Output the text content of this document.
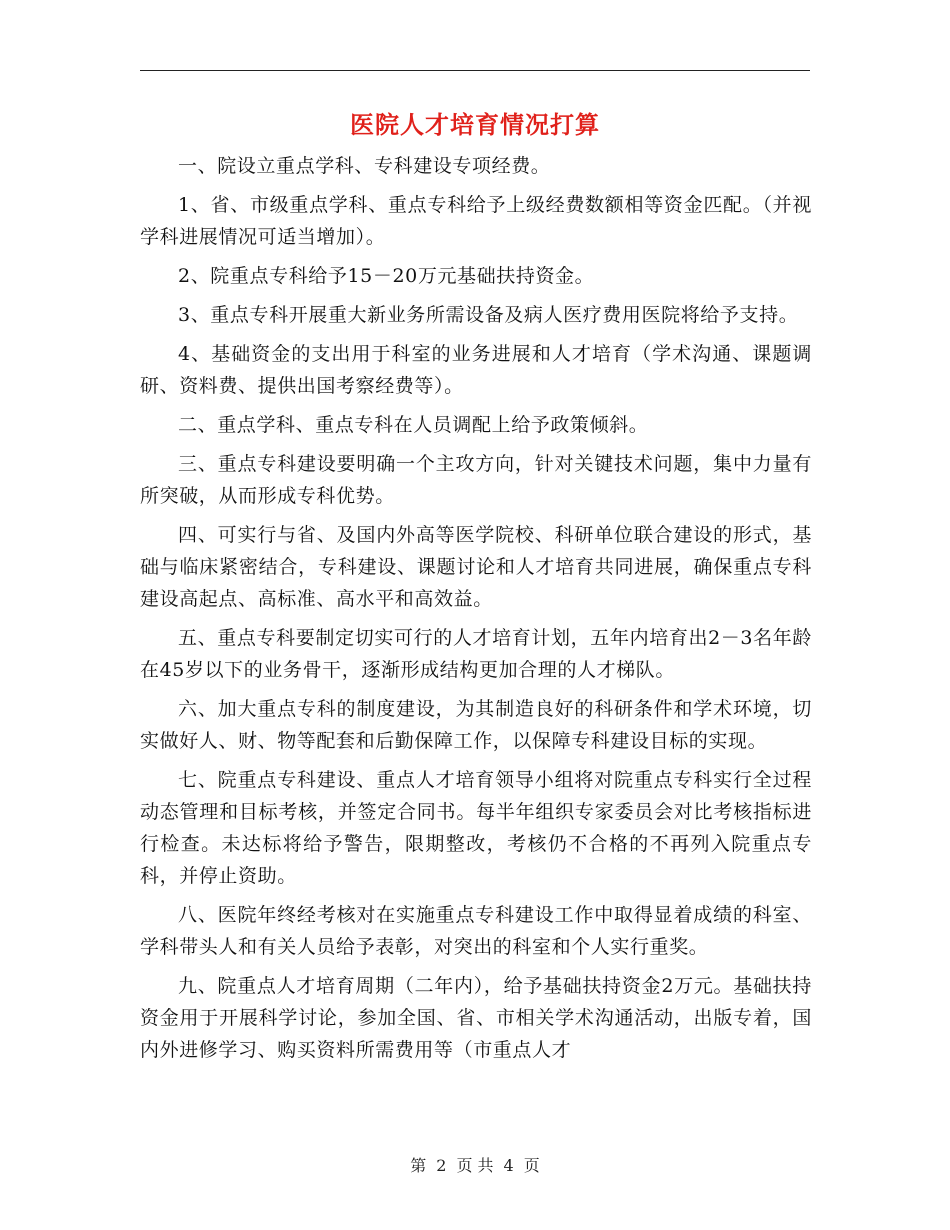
医院人才培育情况打算

一、院设立重点学科、专科建设专项经费。

1、省、市级重点学科、重点专科给予上级经费数额相等资金匹配。（并视学科进展情况可适当增加）。

2、院重点专科给予15－20万元基础扶持资金。

3、重点专科开展重大新业务所需设备及病人医疗费用医院将给予支持。

4、基础资金的支出用于科室的业务进展和人才培育（学术沟通、课题调研、资料费、提供出国考察经费等）。

二、重点学科、重点专科在人员调配上给予政策倾斜。

三、重点专科建设要明确一个主攻方向，针对关键技术问题，集中力量有所突破，从而形成专科优势。

四、可实行与省、及国内外高等医学院校、科研单位联合建设的形式，基础与临床紧密结合，专科建设、课题讨论和人才培育共同进展，确保重点专科建设高起点、高标准、高水平和高效益。

五、重点专科要制定切实可行的人才培育计划，五年内培育出2－3名年龄在45岁以下的业务骨干，逐渐形成结构更加合理的人才梯队。

六、加大重点专科的制度建设，为其制造良好的科研条件和学术环境，切实做好人、财、物等配套和后勤保障工作，以保障专科建设目标的实现。

七、院重点专科建设、重点人才培育领导小组将对院重点专科实行全过程动态管理和目标考核，并签定合同书。每半年组织专家委员会对比考核指标进行检查。未达标将给予警告，限期整改，考核仍不合格的不再列入院重点专科，并停止资助。

八、医院年终经考核对在实施重点专科建设工作中取得显着成绩的科室、学科带头人和有关人员给予表彰，对突出的科室和个人实行重奖。

九、院重点人才培育周期（二年内），给予基础扶持资金2万元。基础扶持资金用于开展科学讨论，参加全国、省、市相关学术沟通活动，出版专着，国内外进修学习、购买资料所需费用等（市重点人才

第 2 页 共 4 页
